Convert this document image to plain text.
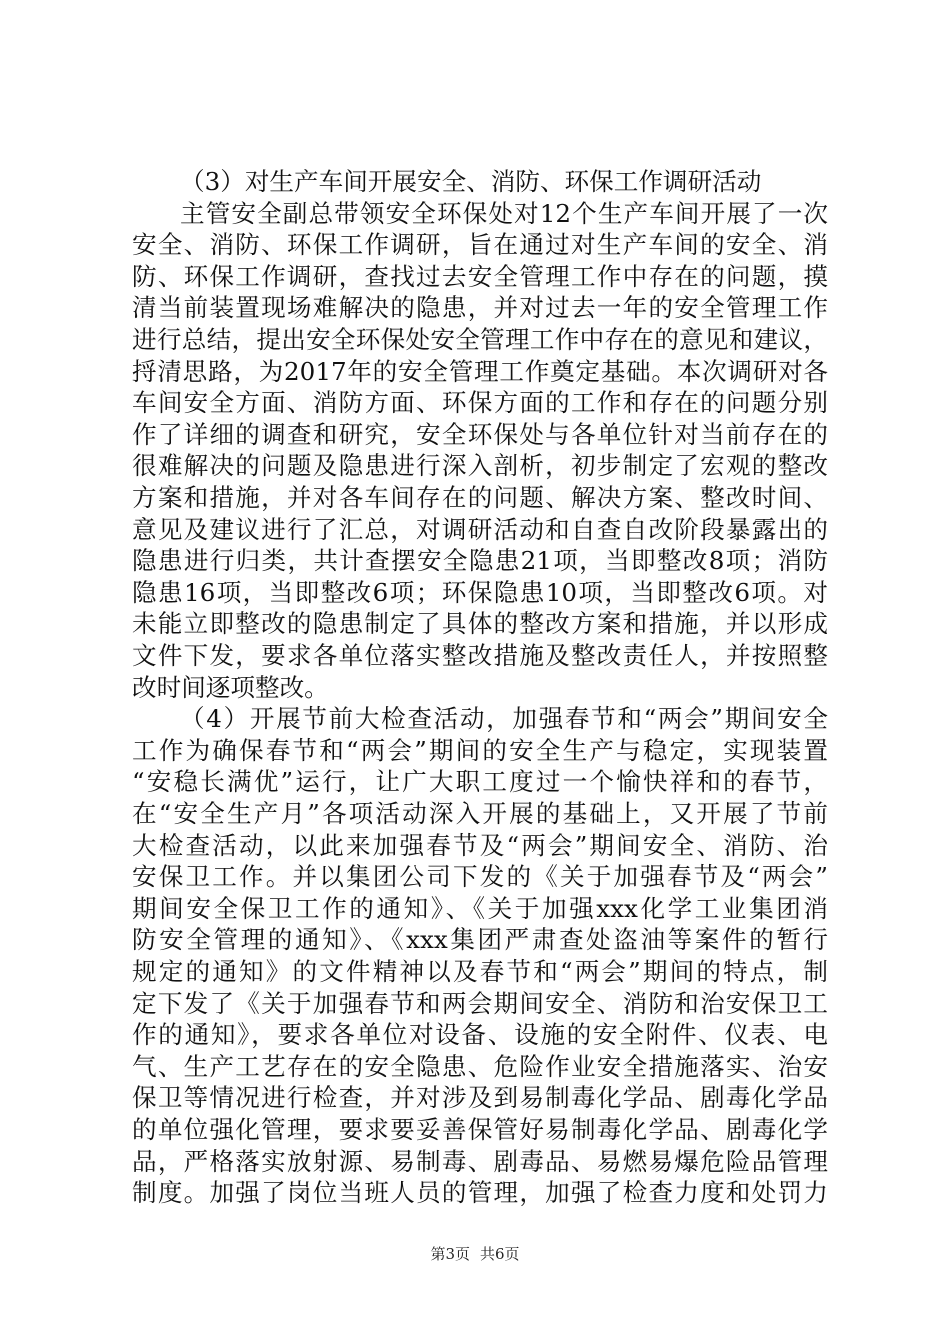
（3）对生产车间开展安全、消防、环保工作调研活动
主管安全副总带领安全环保处对12个生产车间开展了一次
安全、消防、环保工作调研，旨在通过对生产车间的安全、消
防、环保工作调研，查找过去安全管理工作中存在的问题，摸
清当前装置现场难解决的隐患，并对过去一年的安全管理工作
进行总结，提出安全环保处安全管理工作中存在的意见和建议，
捋清思路，为2017年的安全管理工作奠定基础。本次调研对各
车间安全方面、消防方面、环保方面的工作和存在的问题分别
作了详细的调查和研究，安全环保处与各单位针对当前存在的
很难解决的问题及隐患进行深入剖析，初步制定了宏观的整改
方案和措施，并对各车间存在的问题、解决方案、整改时间、
意见及建议进行了汇总，对调研活动和自查自改阶段暴露出的
隐患进行归类，共计查摆安全隐患21项，当即整改8项；消防
隐患16项，当即整改6项；环保隐患10项，当即整改6项。对
未能立即整改的隐患制定了具体的整改方案和措施，并以形成
文件下发，要求各单位落实整改措施及整改责任人，并按照整
改时间逐项整改。
（4）开展节前大检查活动，加强春节和“两会”期间安全
工作为确保春节和“两会”期间的安全生产与稳定，实现装置
“安稳长满优”运行，让广大职工度过一个愉快祥和的春节，
在“安全生产月”各项活动深入开展的基础上，又开展了节前
大检查活动，以此来加强春节及“两会”期间安全、消防、治
安保卫工作。并以集团公司下发的《关于加强春节及“两会”
期间安全保卫工作的通知》、《关于加强xxx化学工业集团消
防安全管理的通知》、《xxx集团严肃查处盗油等案件的暂行
规定的通知》的文件精神以及春节和“两会”期间的特点，制
定下发了《关于加强春节和两会期间安全、消防和治安保卫工
作的通知》，要求各单位对设备、设施的安全附件、仪表、电
气、生产工艺存在的安全隐患、危险作业安全措施落实、治安
保卫等情况进行检查，并对涉及到易制毒化学品、剧毒化学品
的单位强化管理，要求要妥善保管好易制毒化学品、剧毒化学
品，严格落实放射源、易制毒、剧毒品、易燃易爆危险品管理
制度。加强了岗位当班人员的管理，加强了检查力度和处罚力
第3页 共6页
